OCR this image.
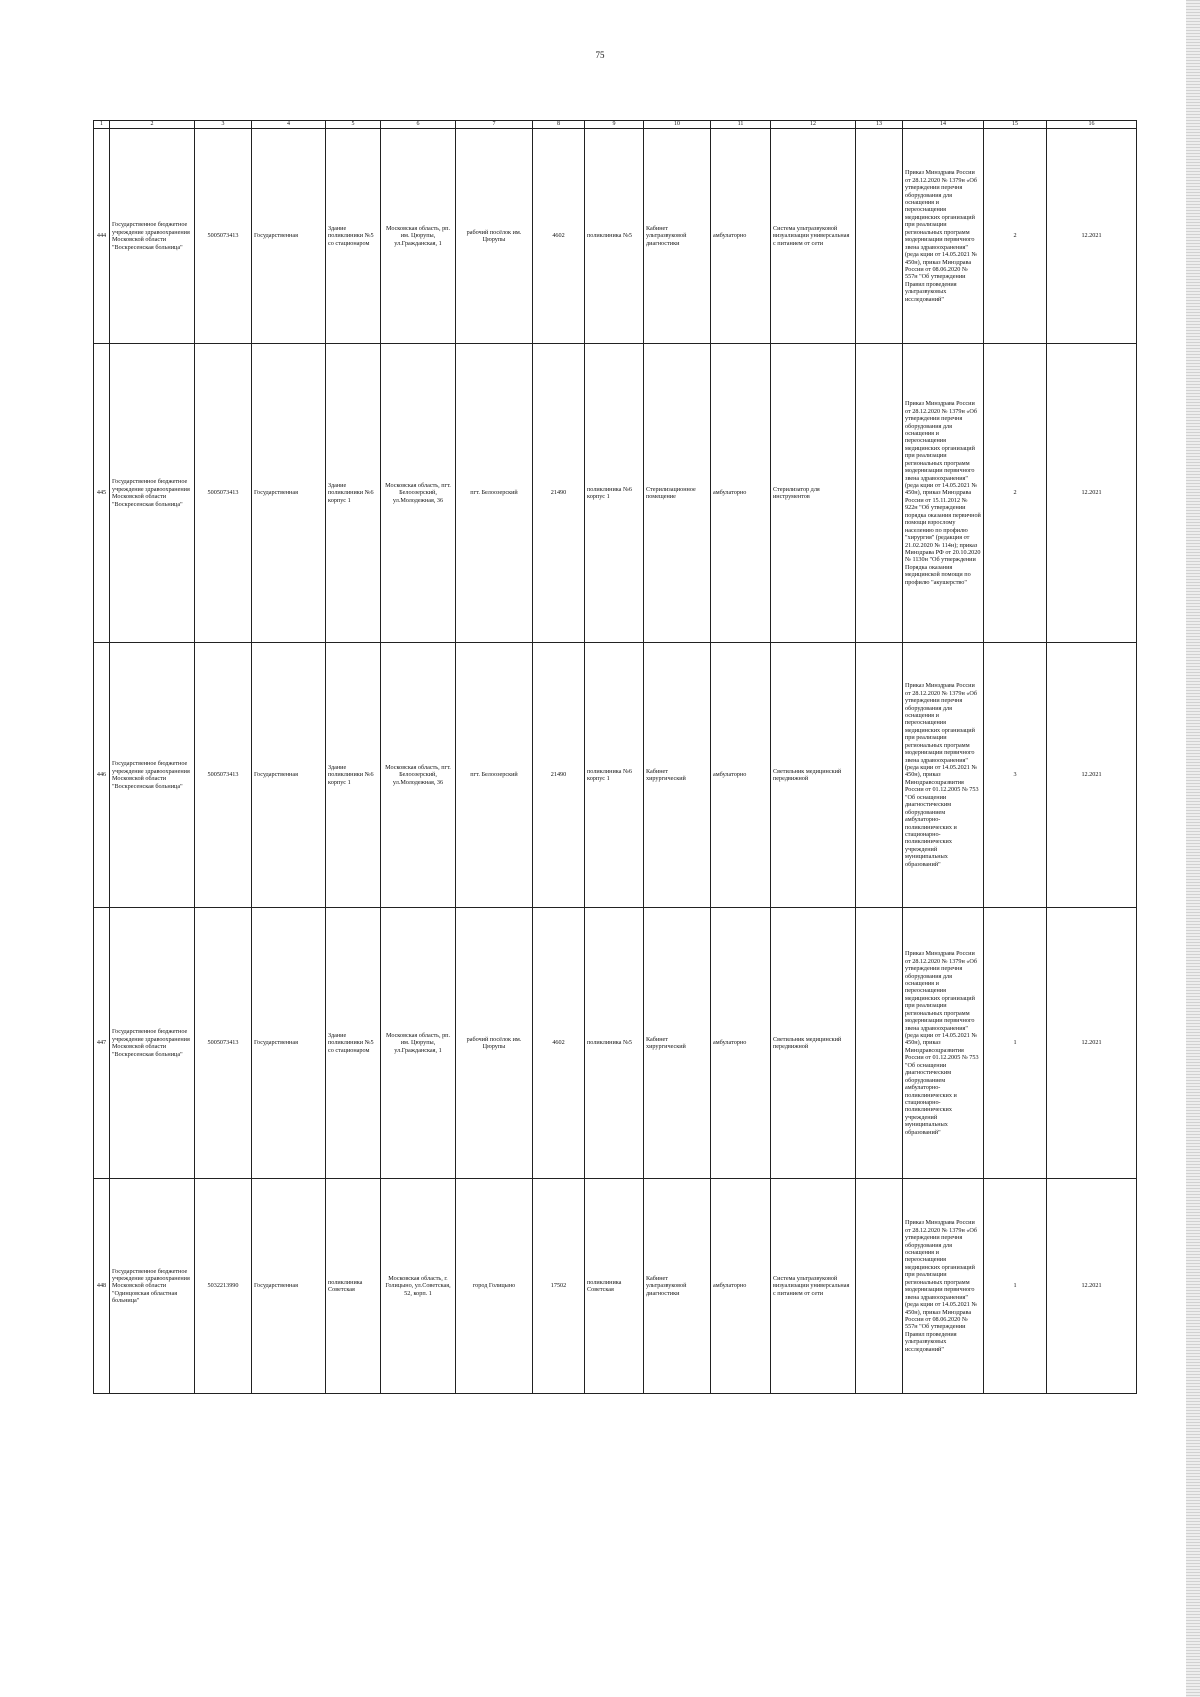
75
1	2	3	4	5	6	7	8	9	10	11	12	13	14	15	16
444	Государственное бюджетное учреждение здравоохранения Московской области "Воскресенская больница"	5005073413	Государственная	Здание поликлиники №5 со стационаром	Московская область, рп. им. Цюрупы, ул.Гражданская, 1	рабочий посёлок им. Цюрупы	4602	поликлиника №5	Кабинет ультразвуковой диагностики	амбулаторно	Система ультразвуковой визуализации универсальная с питанием от сети		Приказ Минздрава России от 28.12.2020 № 1379н «Об утверждении перечня оборудования для оснащения и переоснащения медицинских организаций при реализации региональных программ модернизации первичного звена здравоохранения"(реда кции от 14.05.2021 № 450н), приказ Минздрава России от 08.06.2020 № 557н "Об утверждении Правил проведения ультразвуковых исследований"	2	12.2021
445	Государственное бюджетное учреждение здравоохранения Московской области "Воскресенская больница"	5005073413	Государственная	Здание поликлиники №6 корпус 1	Московская область, пгт. Белоозерский, ул.Молодежная, 36	пгт. Белоозерский	21490	поликлиника №6 корпус 1	Стерилизационное помещение	амбулаторно	Стерилизатор для инструментов		Приказ Минздрава России от 28.12.2020 № 1379н «Об утверждении перечня оборудования для оснащения и переоснащения медицинских организаций при реализации региональных программ модернизации первичного звена здравоохранения"(реда кции от 14.05.2021 № 450н), приказ Минздрава России от 15.11.2012 № 922н "Об утверждении порядка оказания первичной помощи взрослому населению по профилю "хирургия" (редакция от 21.02.2020 № 114н); приказ Минздрава РФ от 20.10.2020 № 1130н "Об утверждении Порядка оказания медицинской помощи по профилю "акушерство"	2	12.2021
446	Государственное бюджетное учреждение здравоохранения Московской области "Воскресенская больница"	5005073413	Государственная	Здание поликлиники №6 корпус 1	Московская область, пгт. Белоозерский, ул.Молодежная, 36	пгт. Белоозерский	21490	поликлиника №6 корпус 1	Кабинет хирургический	амбулаторно	Светильник медицинский передвижной		Приказ Минздрава России от 28.12.2020 № 1379н «Об утверждении перечня оборудования для оснащения и переоснащения медицинских организаций при реализации региональных программ модернизации первичного звена здравоохранения"(реда кции от 14.05.2021 № 450н), приказ Минздравсоцразвития России от 01.12.2005 № 753 "Об оснащении диагностическим оборудованием амбулаторно-поликлинических и стационарно-поликлинических учреждений муниципальных образований"	3	12.2021
447	Государственное бюджетное учреждение здравоохранения Московской области "Воскресенская больница"	5005073413	Государственная	Здание поликлиники №5 со стационаром	Московская область, рп. им. Цюрупы, ул.Гражданская, 1	рабочий посёлок им. Цюрупы	4602	поликлиника №5	Кабинет хирургический	амбулаторно	Светильник медицинский передвижной		Приказ Минздрава России от 28.12.2020 № 1379н «Об утверждении перечня оборудования для оснащения и переоснащения медицинских организаций при реализации региональных программ модернизации первичного звена здравоохранения"(реда кции от 14.05.2021 № 450н), приказ Минздравсоцразвития России от 01.12.2005 № 753 "Об оснащении диагностическим оборудованием амбулаторно-поликлинических и стационарно-поликлинических учреждений муниципальных образований"	1	12.2021
448	Государственное бюджетное учреждение здравоохранения Московской области "Одинцовская областная больница"	5032213990	Государственная	поликлиника Советская	Московская область, г. Голицыно, ул.Советская, 52, корп. 1	город Голицыно	17502	поликлиника Советская	Кабинет ультразвуковой диагностики	амбулаторно	Система ультразвуковой визуализации универсальная с питанием от сети		Приказ Минздрава России от 28.12.2020 № 1379н «Об утверждении перечня оборудования для оснащения и переоснащения медицинских организаций при реализации региональных программ модернизации первичного звена здравоохранения"(реда кции от 14.05.2021 № 450н), приказ Минздрава России от 08.06.2020 № 557н "Об утверждении Правил проведения ультразвуковых исследований"	1	12.2021
